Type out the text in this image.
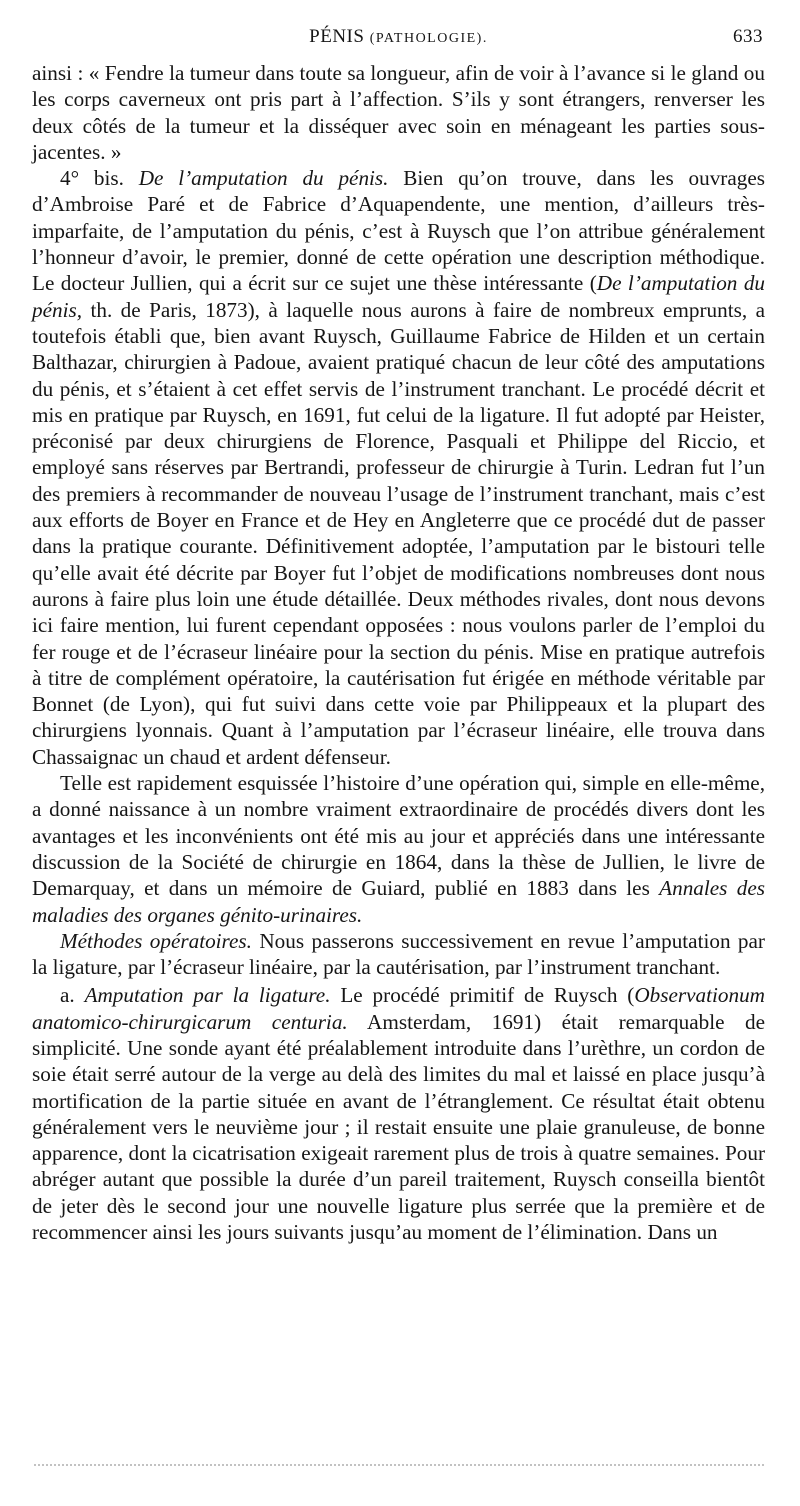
PÉNIS (PATHOLOGIE).	633

ainsi : « Fendre la tumeur dans toute sa longueur, afin de voir à l’avance si le gland ou les corps caverneux ont pris part à l’affection. S’ils y sont étrangers, renverser les deux côtés de la tumeur et la disséquer avec soin en ménageant les parties sous-jacentes. »

4° bis. De l’amputation du pénis. Bien qu’on trouve, dans les ouvrages d’Ambroise Paré et de Fabrice d’Aquapendente, une mention, d’ailleurs très-imparfaite, de l’amputation du pénis, c’est à Ruysch que l’on attribue généralement l’honneur d’avoir, le premier, donné de cette opération une description méthodique. Le docteur Jullien, qui a écrit sur ce sujet une thèse intéressante (De l’amputation du pénis, th. de Paris, 1873), à laquelle nous aurons à faire de nombreux emprunts, a toutefois établi que, bien avant Ruysch, Guillaume Fabrice de Hilden et un certain Balthazar, chirurgien à Padoue, avaient pratiqué chacun de leur côté des amputations du pénis, et s’étaient à cet effet servis de l’instrument tranchant. Le procédé décrit et mis en pratique par Ruysch, en 1691, fut celui de la ligature. Il fut adopté par Heister, préconisé par deux chirurgiens de Florence, Pasquali et Philippe del Riccio, et employé sans réserves par Bertrandi, professeur de chirurgie à Turin. Ledran fut l’un des premiers à recommander de nouveau l’usage de l’instrument tranchant, mais c’est aux efforts de Boyer en France et de Hey en Angleterre que ce procédé dut de passer dans la pratique courante. Définitivement adoptée, l’amputation par le bistouri telle qu’elle avait été décrite par Boyer fut l’objet de modifications nombreuses dont nous aurons à faire plus loin une étude détaillée. Deux méthodes rivales, dont nous devons ici faire mention, lui furent cependant opposées : nous voulons parler de l’emploi du fer rouge et de l’écraseur linéaire pour la section du pénis. Mise en pratique autrefois à titre de complément opératoire, la cautérisation fut érigée en méthode véritable par Bonnet (de Lyon), qui fut suivi dans cette voie par Philippeaux et la plupart des chirurgiens lyonnais. Quant à l’amputation par l’écraseur linéaire, elle trouva dans Chassaignac un chaud et ardent défenseur.

Telle est rapidement esquissée l’histoire d’une opération qui, simple en elle-même, a donné naissance à un nombre vraiment extraordinaire de procédés divers dont les avantages et les inconvénients ont été mis au jour et appréciés dans une intéressante discussion de la Société de chirurgie en 1864, dans la thèse de Jullien, le livre de Demarquay, et dans un mémoire de Guiard, publié en 1883 dans les Annales des maladies des organes génito-urinaires.

Méthodes opératoires. Nous passerons successivement en revue l’amputation par la ligature, par l’écraseur linéaire, par la cautérisation, par l’instrument tranchant.

a. Amputation par la ligature. Le procédé primitif de Ruysch (Observationum anatomico-chirurgicarum centuria. Amsterdam, 1691) était remarquable de simplicité. Une sonde ayant été préalablement introduite dans l’urèthre, un cordon de soie était serré autour de la verge au delà des limites du mal et laissé en place jusqu’à mortification de la partie située en avant de l’étranglement. Ce résultat était obtenu généralement vers le neuvième jour ; il restait ensuite une plaie granuleuse, de bonne apparence, dont la cicatrisation exigeait rarement plus de trois à quatre semaines. Pour abréger autant que possible la durée d’un pareil traitement, Ruysch conseilla bientôt de jeter dès le second jour une nouvelle ligature plus serrée que la première et de recommencer ainsi les jours suivants jusqu’au moment de l’élimination. Dans un
